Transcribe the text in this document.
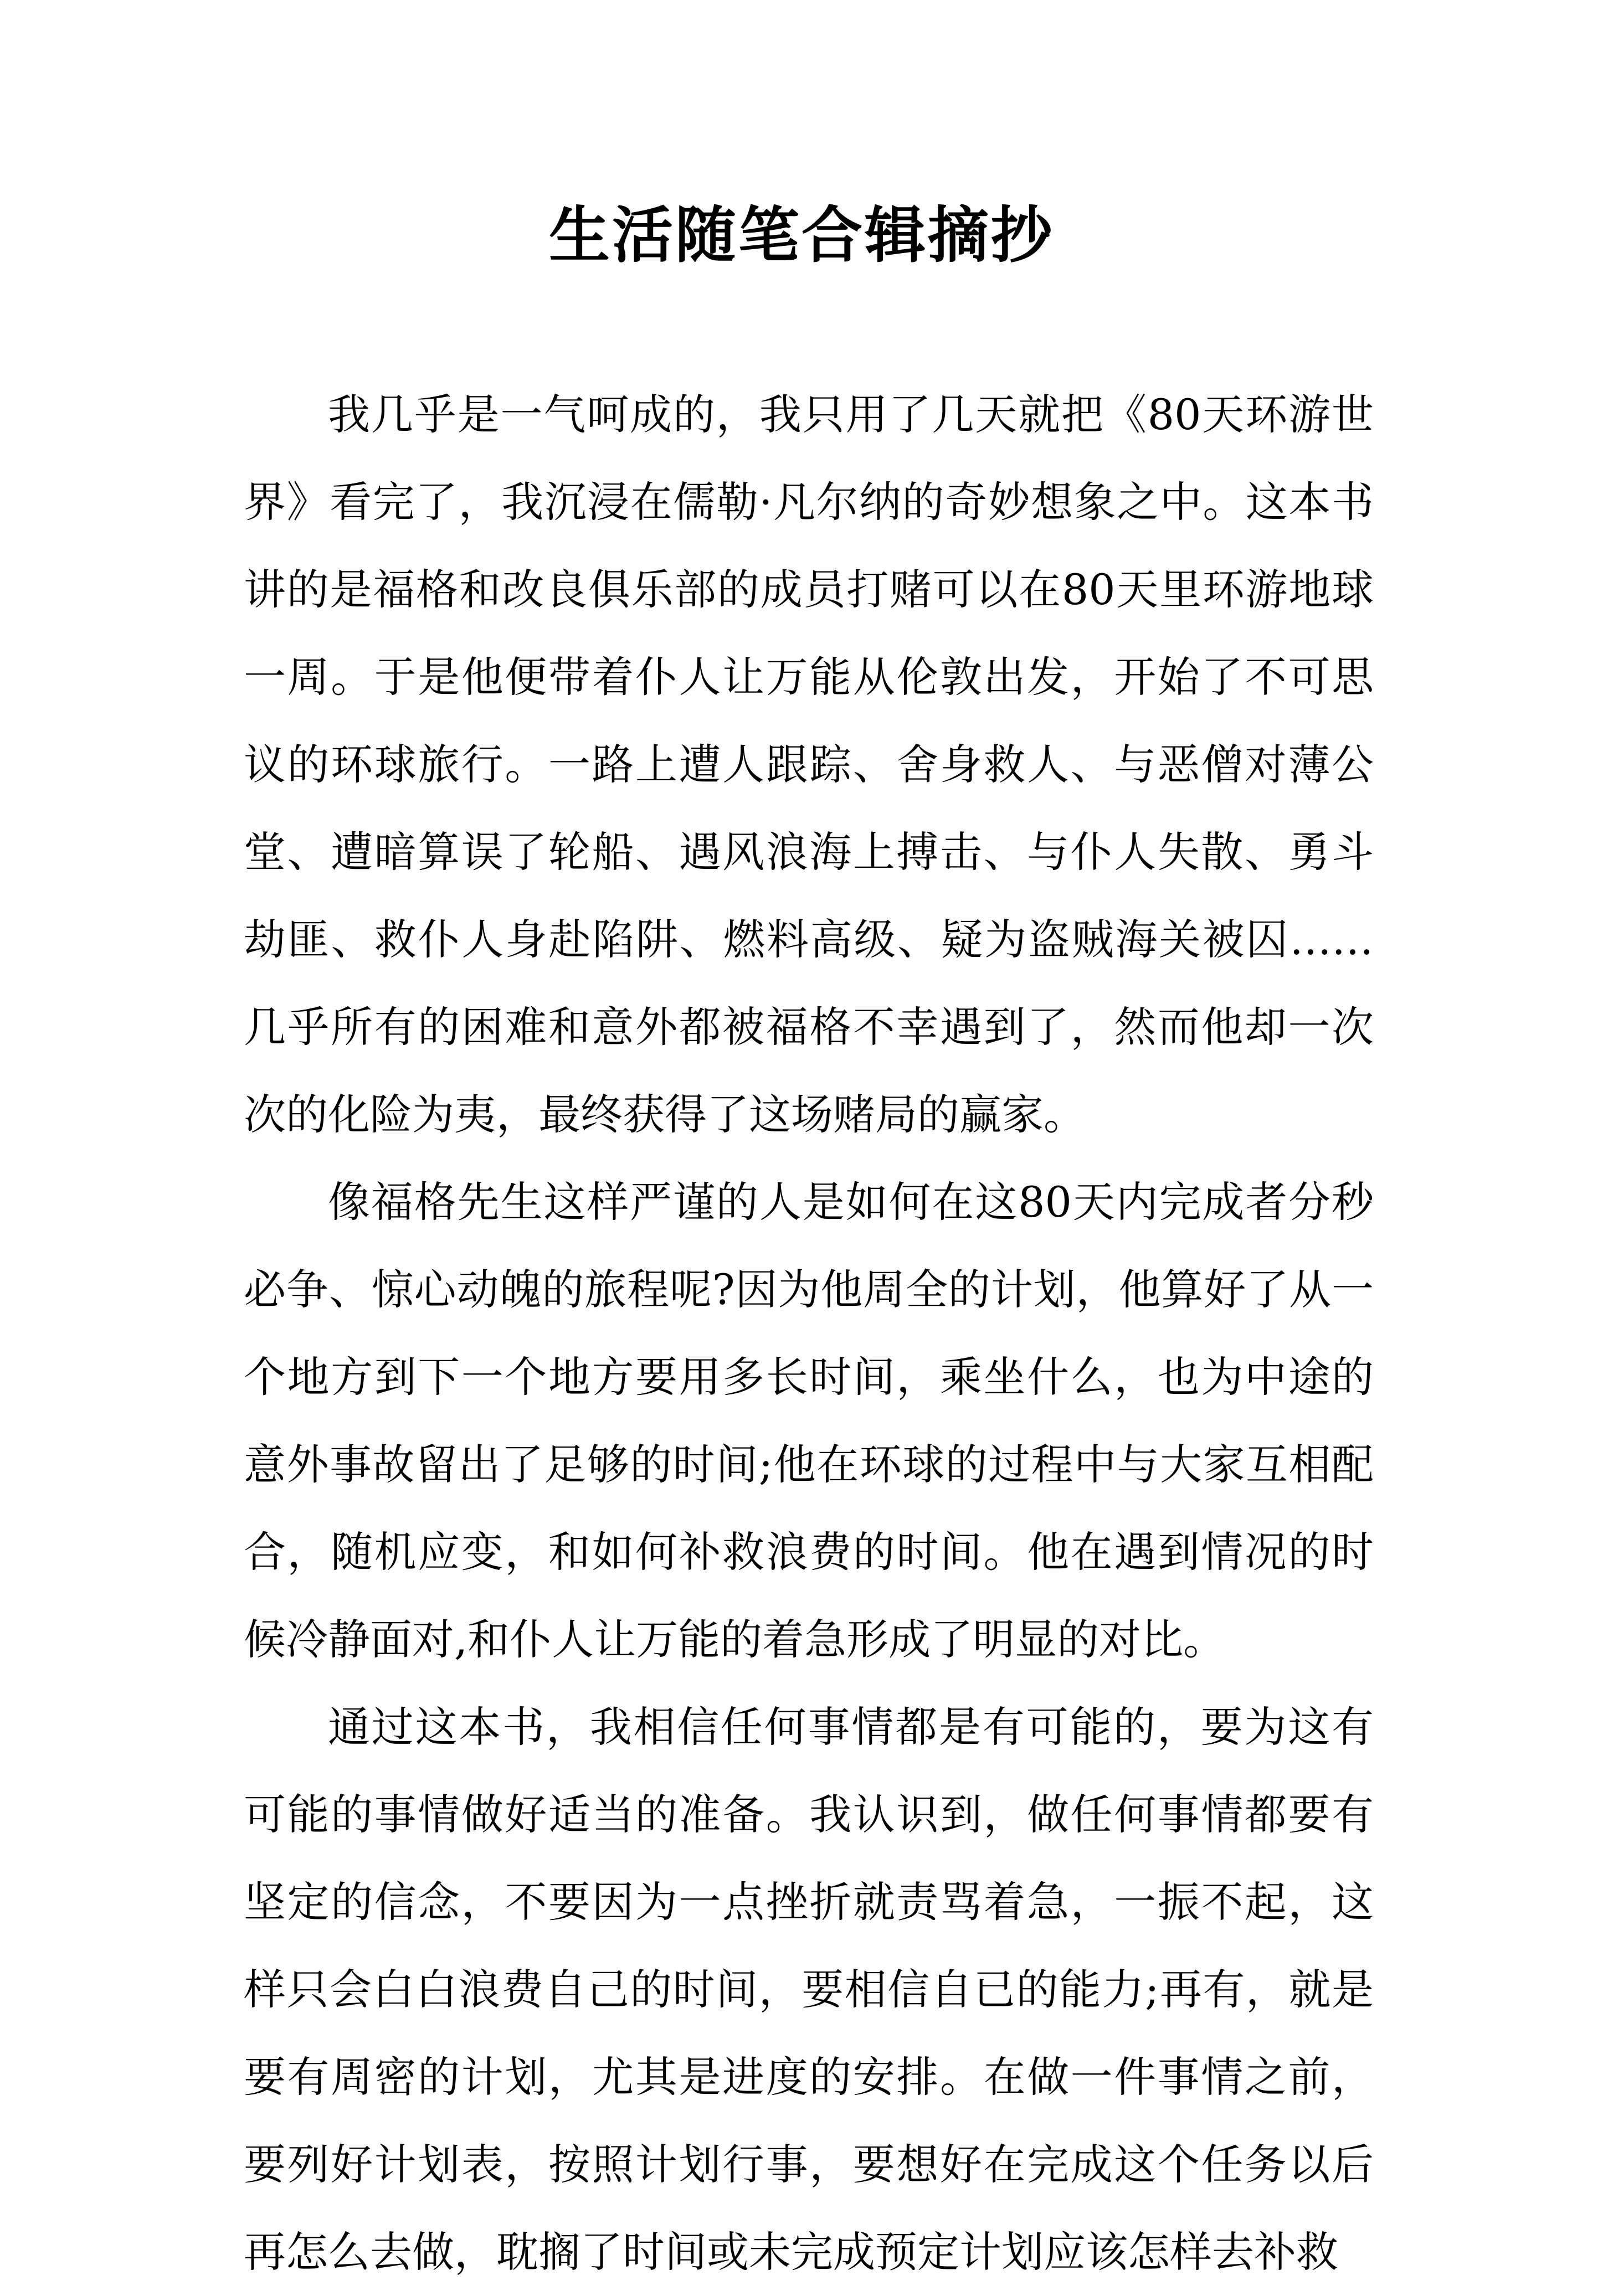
生活随笔合辑摘抄

我几乎是一气呵成的，我只用了几天就把《80天环游世界》看完了，我沉浸在儒勒·凡尔纳的奇妙想象之中。这本书讲的是福格和改良俱乐部的成员打赌可以在80天里环游地球一周。于是他便带着仆人让万能从伦敦出发，开始了不可思议的环球旅行。一路上遭人跟踪、舍身救人、与恶僧对薄公堂、遭暗算误了轮船、遇风浪海上搏击、与仆人失散、勇斗劫匪、救仆人身赴陷阱、燃料高级、疑为盗贼海关被囚……几乎所有的困难和意外都被福格不幸遇到了，然而他却一次次的化险为夷，最终获得了这场赌局的赢家。

像福格先生这样严谨的人是如何在这80天内完成者分秒必争、惊心动魄的旅程呢?因为他周全的计划，他算好了从一个地方到下一个地方要用多长时间，乘坐什么，也为中途的意外事故留出了足够的时间;他在环球的过程中与大家互相配合，随机应变，和如何补救浪费的时间。他在遇到情况的时候冷静面对,和仆人让万能的着急形成了明显的对比。

通过这本书，我相信任何事情都是有可能的，要为这有可能的事情做好适当的准备。我认识到，做任何事情都要有坚定的信念，不要因为一点挫折就责骂着急，一振不起，这样只会白白浪费自己的时间，要相信自已的能力;再有，就是要有周密的计划，尤其是进度的安排。在做一件事情之前，要列好计划表，按照计划行事，要想好在完成这个任务以后再怎么去做，耽搁了时间或未完成预定计划应该怎样去补救
